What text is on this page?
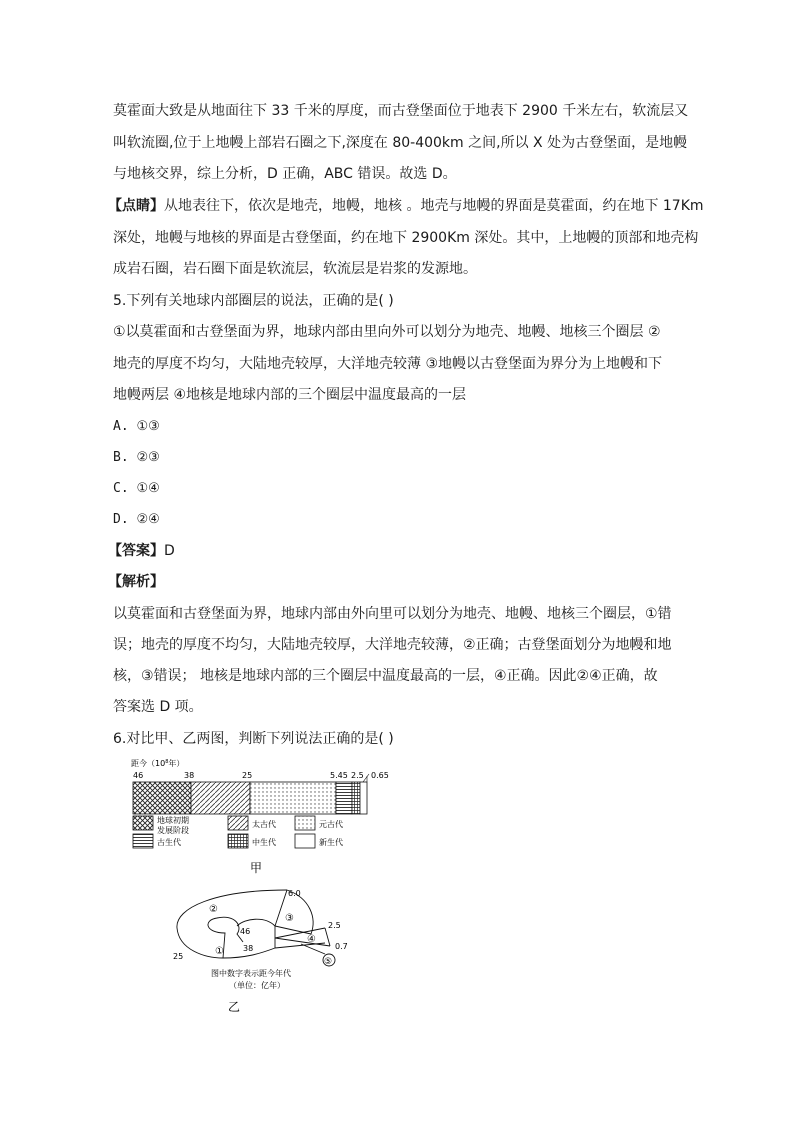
莫霍面大致是从地面往下 33 千米的厚度，而古登堡面位于地表下 2900 千米左右，软流层又
叫软流圈,位于上地幔上部岩石圈之下,深度在 80-400km 之间,所以 X 处为古登堡面，是地幔
与地核交界，综上分析，D 正确，ABC 错误。故选 D。
【点睛】从地表往下，依次是地壳，地幔，地核 。地壳与地幔的界面是莫霍面，约在地下 17Km
深处，地幔与地核的界面是古登堡面，约在地下 2900Km 深处。其中，上地幔的顶部和地壳构
成岩石圈，岩石圈下面是软流层，软流层是岩浆的发源地。
5.下列有关地球内部圈层的说法，正确的是( )
①以莫霍面和古登堡面为界，地球内部由里向外可以划分为地壳、地幔、地核三个圈层 ②
地壳的厚度不均匀，大陆地壳较厚，大洋地壳较薄 ③地幔以古登堡面为界分为上地幔和下
地幔两层 ④地核是地球内部的三个圈层中温度最高的一层
A. ①③
B. ②③
C. ①④
D. ②④
【答案】D
【解析】
以莫霍面和古登堡面为界，地球内部由外向里可以划分为地壳、地幔、地核三个圈层，①错
误；地壳的厚度不均匀，大陆地壳较厚，大洋地壳较薄，②正确；古登堡面划分为地幔和地
核，③错误； 地核是地球内部的三个圈层中温度最高的一层，④正确。因此②④正确，故
答案选 D 项。
6.对比甲、乙两图，判断下列说法正确的是( )
距今（$10^8$年）
46	38	25	5.45 2.5 0.65
地球初期
发展阶段
太古代	元古代
古生代	中生代	新生代
甲
6.0
2.5
0.7
46
38
25	①
②
③
④
⑤
图中数字表示距今年代
（单位：亿年）
乙
